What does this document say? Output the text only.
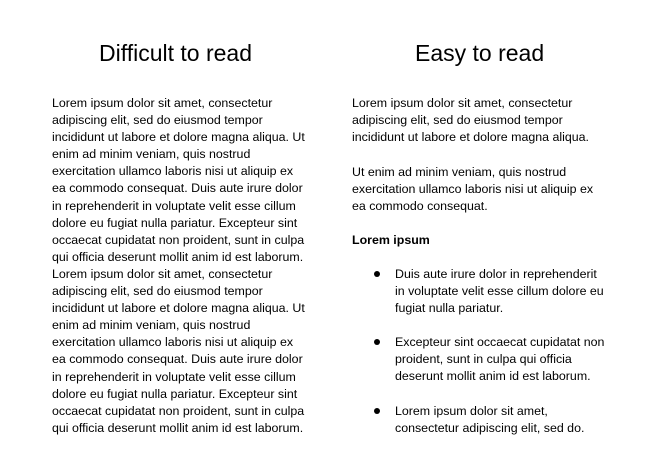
Difficult to read
Lorem ipsum dolor sit amet, consectetur
adipiscing elit, sed do eiusmod tempor
incididunt ut labore et dolore magna aliqua. Ut
enim ad minim veniam, quis nostrud
exercitation ullamco laboris nisi ut aliquip ex
ea commodo consequat. Duis aute irure dolor
in reprehenderit in voluptate velit esse cillum
dolore eu fugiat nulla pariatur. Excepteur sint
occaecat cupidatat non proident, sunt in culpa
qui officia deserunt mollit anim id est laborum.
Lorem ipsum dolor sit amet, consectetur
adipiscing elit, sed do eiusmod tempor
incididunt ut labore et dolore magna aliqua. Ut
enim ad minim veniam, quis nostrud
exercitation ullamco laboris nisi ut aliquip ex
ea commodo consequat. Duis aute irure dolor
in reprehenderit in voluptate velit esse cillum
dolore eu fugiat nulla pariatur. Excepteur sint
occaecat cupidatat non proident, sunt in culpa
qui officia deserunt mollit anim id est laborum.
Easy to read
Lorem ipsum dolor sit amet, consectetur
adipiscing elit, sed do eiusmod tempor
incididunt ut labore et dolore magna aliqua.
Ut enim ad minim veniam, quis nostrud
exercitation ullamco laboris nisi ut aliquip ex
ea commodo consequat.
Lorem ipsum
Duis aute irure dolor in reprehenderit
in voluptate velit esse cillum dolore eu
fugiat nulla pariatur.
Excepteur sint occaecat cupidatat non
proident, sunt in culpa qui officia
deserunt mollit anim id est laborum.
Lorem ipsum dolor sit amet,
consectetur adipiscing elit, sed do.
